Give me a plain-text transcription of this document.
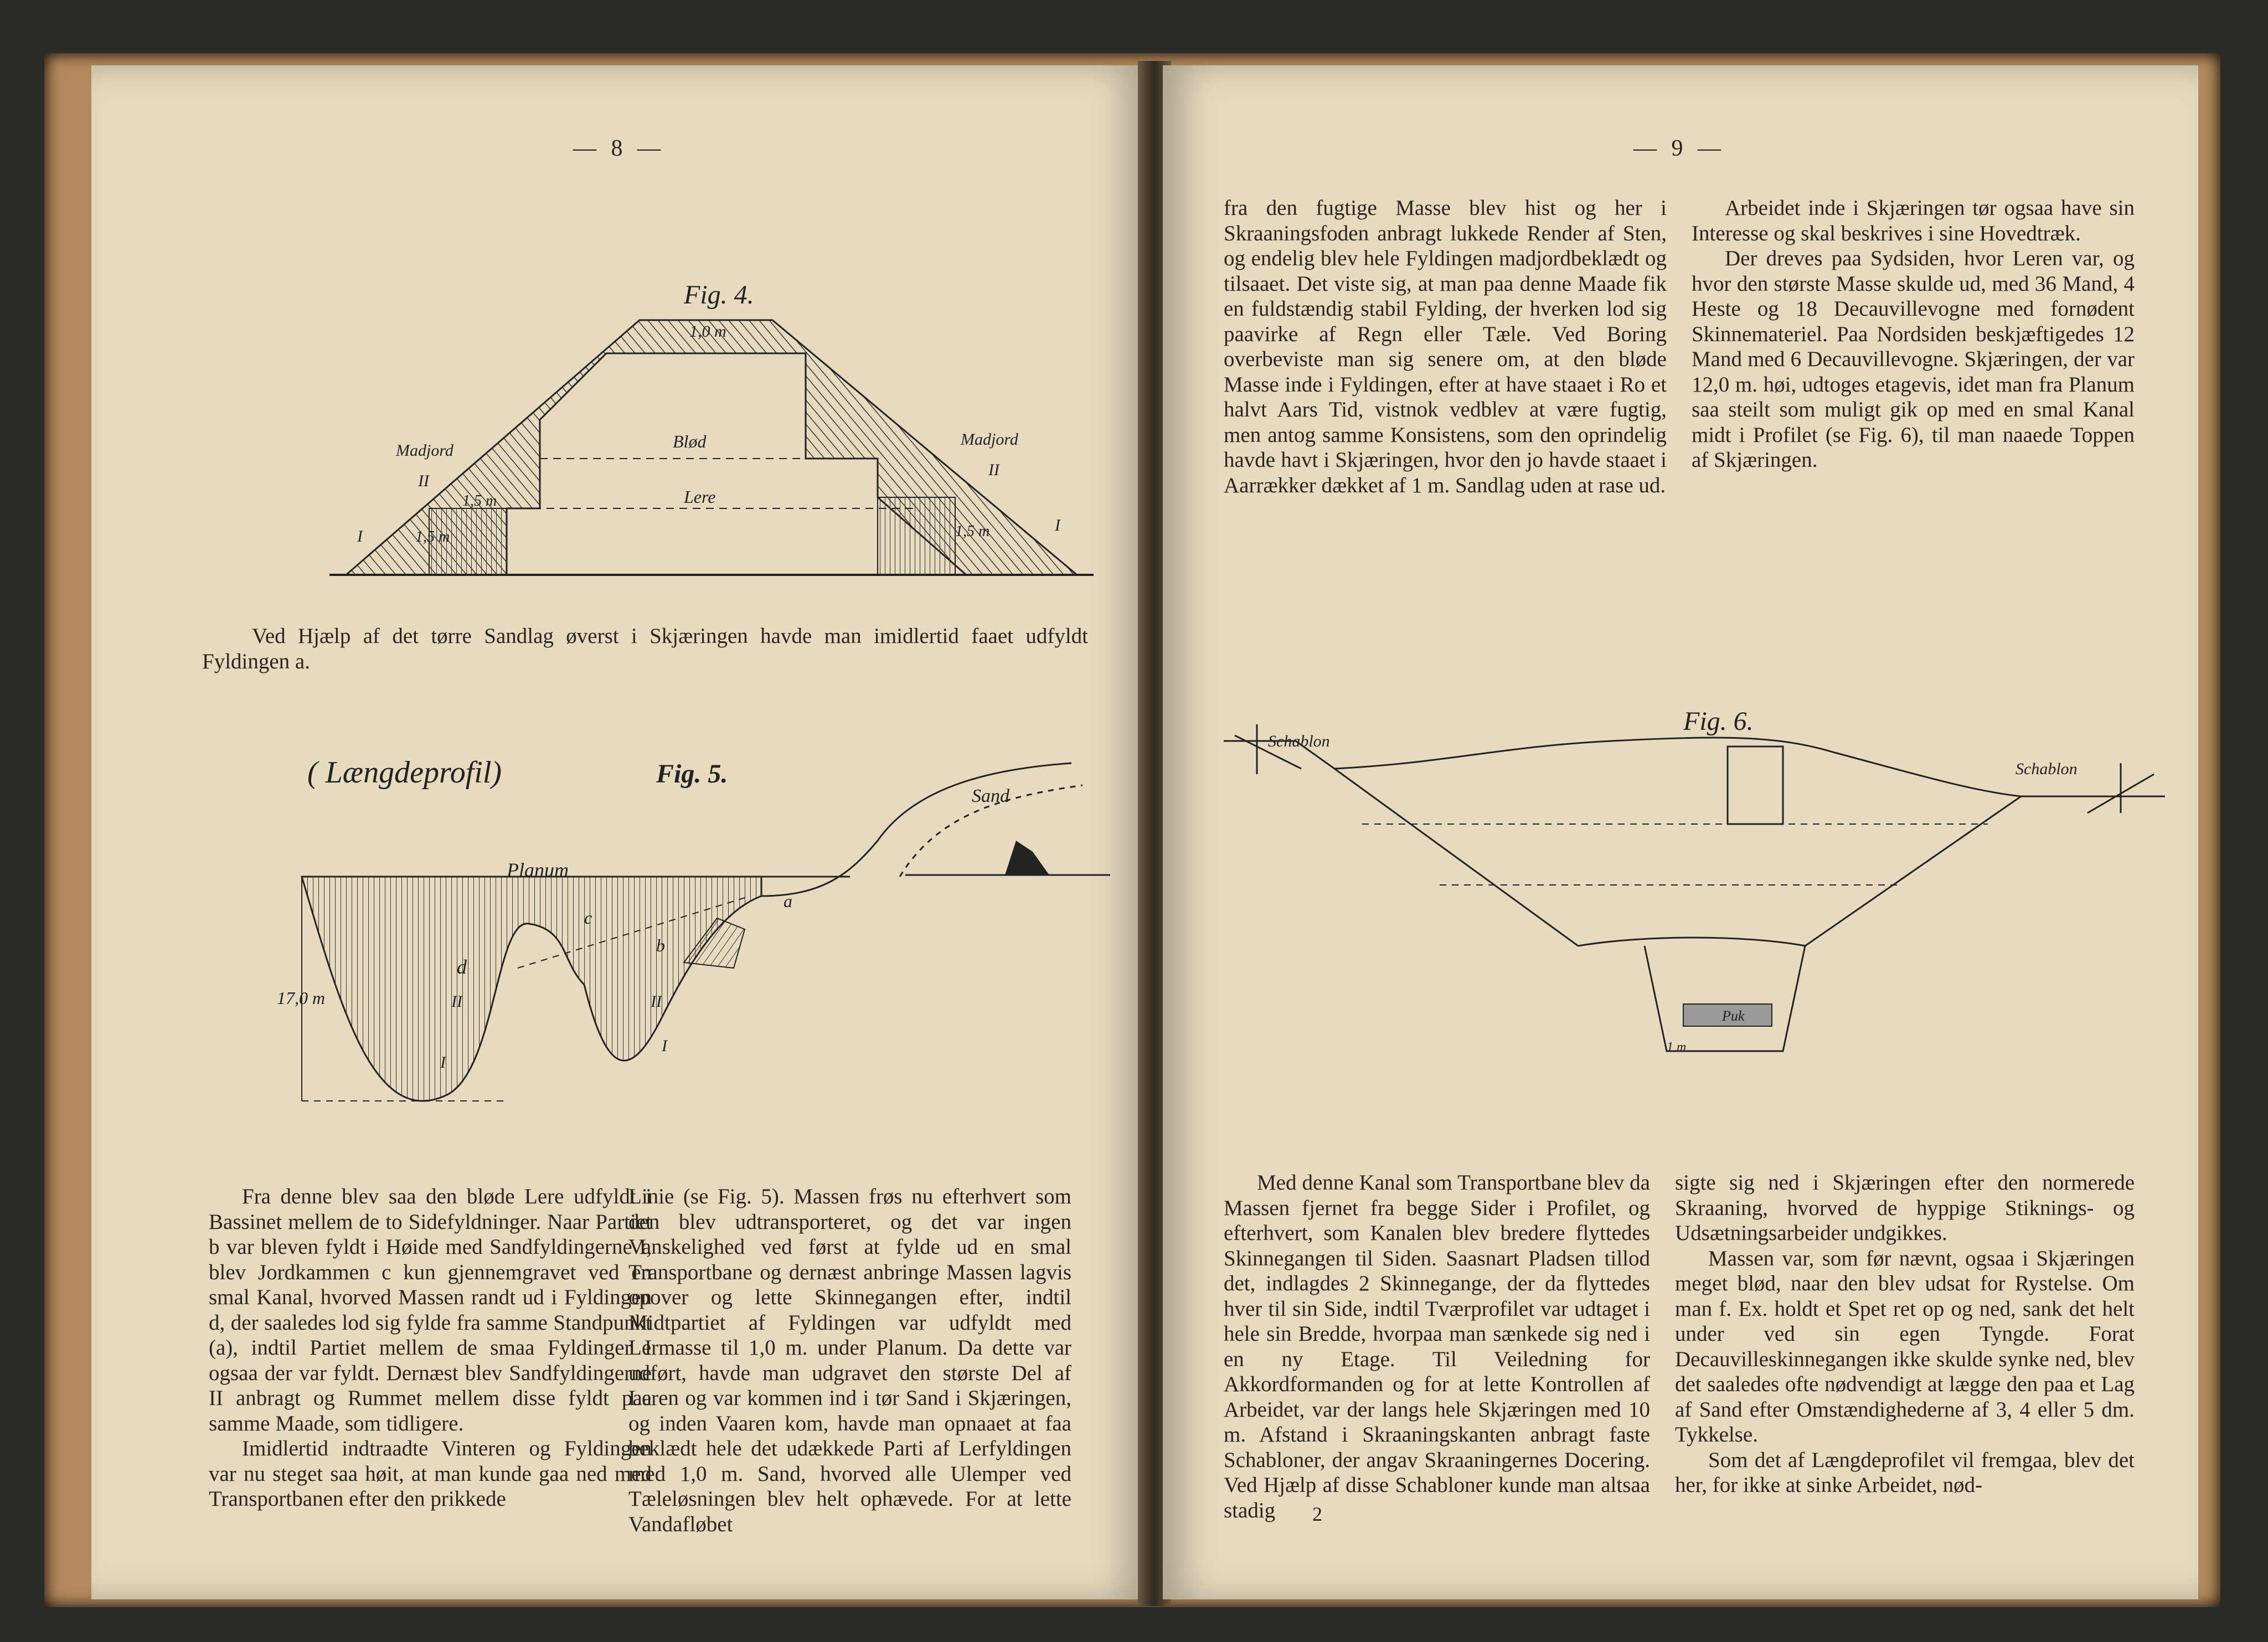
— 8 —
Fig. 4.
1,0 m
Madjord
Madjord
Blød
Lere
II
II
I
I
1,5 m
1,5 m	1,5 m

Ved Hjælp af det tørre Sandlag øverst i Skjæringen havde man imidlertid faaet udfyldt Fyldingen a.

( Længdeprofil)	Fig. 5.
Planum
Sand
a
b
c
d
17,0 m	II	II
I
I

Fra denne blev saa den bløde Lere udfyldt i Bassinet mellem de to Sidefyldninger. Naar Partiet b var bleven fyldt i Høide med Sandfyldingerne I, blev Jordkammen c kun gjennemgravet ved en smal Kanal, hvorved Massen randt ud i Fyldingen d, der saaledes lod sig fylde fra samme Standpunkt (a), indtil Partiet mellem de smaa Fyldinger I ogsaa der var fyldt. Dernæst blev Sandfyldingerne II anbragt og Rummet mellem disse fyldt paa samme Maade, som tidligere.

Imidlertid indtraadte Vinteren og Fyldingen var nu steget saa høit, at man kunde gaa ned med Transportbanen efter den prikkede

Linie (se Fig. 5). Massen frøs nu efterhvert som den blev udtransporteret, og det var ingen Vanskelighed ved først at fylde ud en smal Transportbane og dernæst anbringe Massen lagvis opover og lette Skinnegangen efter, indtil Midtpartiet af Fyldingen var udfyldt med Lermasse til 1,0 m. under Planum. Da dette var udført, havde man udgravet den største Del af Leren og var kommen ind i tør Sand i Skjæringen, og inden Vaaren kom, havde man opnaaet at faa beklædt hele det udækkede Parti af Lerfyldingen med 1,0 m. Sand, hvorved alle Ulemper ved Tæleløsningen blev helt ophævede. For at lette Vandafløbet

— 9 —

fra den fugtige Masse blev hist og her i Skraaningsfoden anbragt lukkede Render af Sten, og endelig blev hele Fyldingen madjordbeklædt og tilsaaet. Det viste sig, at man paa denne Maade fik en fuldstændig stabil Fylding, der hverken lod sig paavirke af Regn eller Tæle. Ved Boring overbeviste man sig senere om, at den bløde Masse inde i Fyldingen, efter at have staaet i Ro et halvt Aars Tid, vistnok vedblev at være fugtig, men antog samme Konsistens, som den oprindelig havde havt i Skjæringen, hvor den jo havde staaet i Aarrækker dækket af 1 m. Sandlag uden at rase ud.

Arbeidet inde i Skjæringen tør ogsaa have sin Interesse og skal beskrives i sine Hovedtræk.

Der dreves paa Sydsiden, hvor Leren var, og hvor den største Masse skulde ud, med 36 Mand, 4 Heste og 18 Decauvillevogne med fornødent Skinnemateriel. Paa Nordsiden beskjæftigedes 12 Mand med 6 Decauvillevogne. Skjæringen, der var 12,0 m. høi, udtoges etagevis, idet man fra Planum saa steilt som muligt gik op med en smal Kanal midt i Profilet (se Fig. 6), til man naaede Toppen af Skjæringen.

Fig. 6.
Schablon
Schablon
Puk
1 m

Med denne Kanal som Transportbane blev da Massen fjernet fra begge Sider i Profilet, og efterhvert, som Kanalen blev bredere flyttedes Skinnegangen til Siden. Saasnart Pladsen tillod det, indlagdes 2 Skinnegange, der da flyttedes hver til sin Side, indtil Tværprofilet var udtaget i hele sin Bredde, hvorpaa man sænkede sig ned i en ny Etage. Til Veiledning for Akkordformanden og for at lette Kontrollen af Arbeidet, var der langs hele Skjæringen med 10 m. Afstand i Skraaningskanten anbragt faste Schabloner, der angav Skraaningernes Docering. Ved Hjælp af disse Schabloner kunde man altsaa stadig

sigte sig ned i Skjæringen efter den normerede Skraaning, hvorved de hyppige Stiknings- og Udsætningsarbeider undgikkes.

Massen var, som før nævnt, ogsaa i Skjæringen meget blød, naar den blev udsat for Rystelse. Om man f. Ex. holdt et Spet ret op og ned, sank det helt under ved sin egen Tyngde. Forat Decauvilleskinnegangen ikke skulde synke ned, blev det saaledes ofte nødvendigt at lægge den paa et Lag af Sand efter Omstændighederne af 3, 4 eller 5 dm. Tykkelse.

Som det af Længdeprofilet vil fremgaa, blev det her, for ikke at sinke Arbeidet, nød-

2
